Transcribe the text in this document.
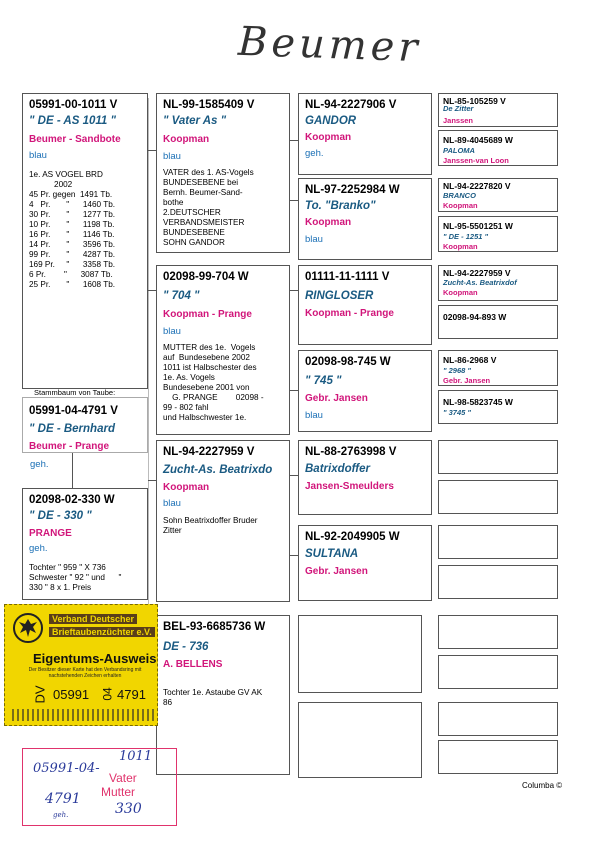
Beumer
05991-00-1011 V
" DE - AS 1011 "
Beumer - Sandbote
blau
1e. AS VOGEL BRD
2002
45 Pr. gegen  1491 Tb.
4   Pr.       "      1460 Tb.
30 Pr.       "      1277 Tb.
10 Pr.       "      1198 Tb.
16 Pr.       "      1146 Tb.
14 Pr.       "      3596 Tb.
99 Pr.       "      4287 Tb.
169 Pr.     "      3358 Tb.
6 Pr.        "      3087 Tb.
25 Pr.       "      1608 Tb.
Stammbaum von Taube:
05991-04-4791 V
" DE - Bernhard
Beumer - Prange
geh.
02098-02-330 W
" DE - 330 "
PRANGE
geh.
Tochter " 959 " X 736
Schwester " 92 " und      "
330 " 8 x 1. Preis
NL-99-1585409 V
" Vater As "
Koopman
blau
VATER des 1. AS-Vogels
BUNDESEBENE bei
Bernh. Beumer-Sand-
bothe
2.DEUTSCHER
VERBANDSMEISTER
BUNDESEBENE
SOHN GANDOR
02098-99-704 W
" 704 "
Koopman - Prange
blau
MUTTER des 1e.  Vogels
auf  Bundesebene 2002
1011 ist Halbschester des
1e. As. Vogels
Bundesebene 2001 von
G. PRANGE        02098 -
99 - 802 fahl
und Halbschwester 1e.
NL-94-2227959 V
Zucht-As. Beatrixdo
Koopman
blau
Sohn Beatrixdoffer Bruder
Zitter
BEL-93-6685736 W
DE - 736
A. BELLENS
Tochter 1e. Astaube GV AK
86
NL-94-2227906 V
GANDOR
Koopman
geh.
NL-97-2252984 W
To. "Branko"
Koopman
blau
01111-11-1111 V
RINGLOSER
Koopman - Prange
02098-98-745 W
" 745 "
Gebr. Jansen
blau
NL-88-2763998 V
Batrixdoffer
Jansen-Smeulders
NL-92-2049905 W
SULTANA
Gebr. Jansen
NL-85-105259 V
De Zitter
Janssen
NL-89-4045689 W
PALOMA
Janssen-van Loon
NL-94-2227820 V
BRANCO
Koopman
NL-95-5501251 W
" DE - 1251 "
Koopman
NL-94-2227959 V
Zucht-As. Beatrixdof
Koopman
02098-94-893 W
NL-86-2968 V
" 2968 "
Gebr. Jansen
NL-98-5823745 W
" 3745 "
Verband Deutscher
Brieftaubenzüchter e.V.
Eigentums-Ausweis
Der Besitzer dieser Karte hat den Verbandsring mit nachstehenden Zeichen erhalten
DV 05991 04 4791
05991-04-
4791
geh.
Vater
Mutter
1011
330
Columba ©
